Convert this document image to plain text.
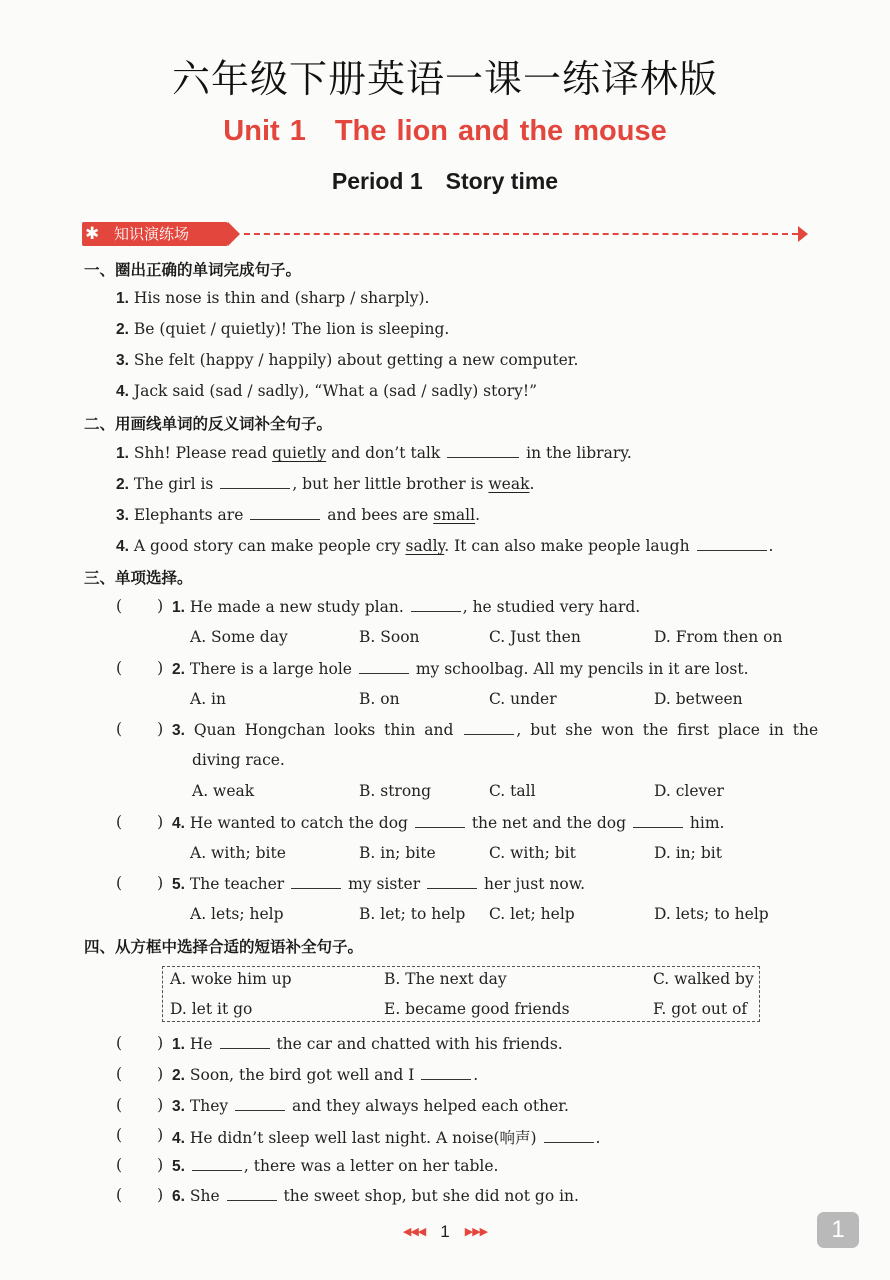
六年级下册英语一课一练译林版
Unit 1　The lion and the mouse
Period 1　Story time
✱ 知识演练场
一、圈出正确的单词完成句子。
1. His nose is thin and (sharp / sharply).
2. Be (quiet / quietly)! The lion is sleeping.
3. She felt (happy / happily) about getting a new computer.
4. Jack said (sad / sadly), “What a (sad / sadly) story!”
二、用画线单词的反义词补全句子。
1. Shh! Please read quietly and don’t talk	in the library.
2. The girl is	, but her little brother is weak.
3. Elephants are	and bees are small.
4. A good story can make people cry sadly. It can also make people laugh	.
三、单项选择。
( ) 1. He made a new study plan.	, he studied very hard.
A. Some day	B. Soon	C. Just then	D. From then on
( ) 2. There is a large hole	my schoolbag. All my pencils in it are lost.
A. in	B. on	C. under	D. between
( ) 3. Quan Hongchan looks thin and	, but she won the first place in the
diving race.
A. weak	B. strong	C. tall	D. clever
( ) 4. He wanted to catch the dog	the net and the dog	him.
A. with; bite	B. in; bite	C. with; bit	D. in; bit
( ) 5. The teacher	my sister	her just now.
A. lets; help	B. let; to help C. let; help	D. lets; to help
四、从方框中选择合适的短语补全句子。
A. woke him up	B. The next day	C. walked by
D. let it go	E. became good friends	F. got out of
( ) 1. He	the car and chatted with his friends.
( ) 2. Soon, the bird got well and I	.
( ) 3. They	and they always helped each other.
( ) 4. He didn’t sleep well last night. A noise(响声)	.
( ) 5.	, there was a letter on her table.
( ) 6. She	the sweet shop, but she did not go in.
◀◀◀ 1 ▶▶▶	1
